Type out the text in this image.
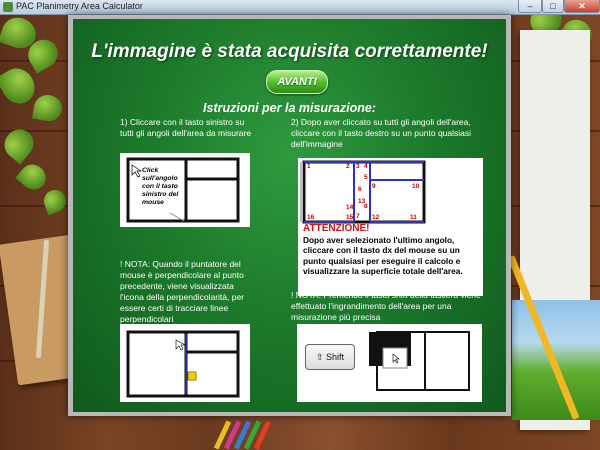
PAC Planimetry Area Calculator	–	□	✕
L'immagine è stata acquisita correttamente!
AVANTI
Istruzioni per la misurazione:
1) Cliccare con il tasto sinistro su tutti gli angoli dell'area da misurare
2) Dopo aver cliccato su tutti gli angoli dell'area, cliccare con il tasto destro su un punto qualsiasi dell'immagine
Click sull'angolo con il tasto sinistro del mouse
1	2 3 4
5
6
7
8
9	10
11
12
13
14
15
16
ATTENZIONE!
Dopo aver selezionato l'ultimo angolo, cliccare con il tasto dx del mouse su un punto qualsiasi per eseguire il calcolo e visualizzare la superficie totale dell'area.
! NOTA: Quando il puntatore del mouse è perpendicolare al punto precedente, viene visualizzata l'icona della perpendicolarità, per essere certi di tracciare linee perpendicolari
! NOTA: Premendo il tasto shift della tastiera viene effettuato l'ingrandimento dell'area per una misurazione più precisa
⇧ Shift
